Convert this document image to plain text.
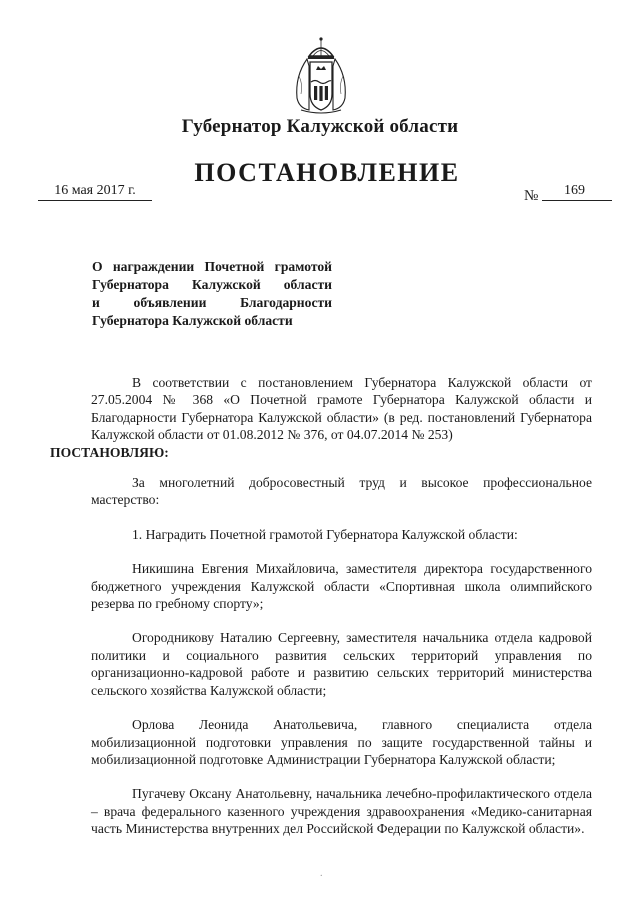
Губернатор Калужской области
ПОСТАНОВЛЕНИЕ
16 мая 2017 г.	№	169
О награждении Почетной грамотой
Губернатора Калужской области
и объявлении Благодарности
Губернатора Калужской области

В соответствии с постановлением Губернатора Калужской области от 27.05.2004 № 368 «О Почетной грамоте Губернатора Калужской области и Благодарности Губернатора Калужской области» (в ред. постановлений Губернатора Калужской области от 01.08.2012 № 376, от 04.07.2014 № 253)
ПОСТАНОВЛЯЮ:

За многолетний добросовестный труд и высокое профессиональное мастерство:

1. Наградить Почетной грамотой Губернатора Калужской области:

Никишина Евгения Михайловича, заместителя директора государственного бюджетного учреждения Калужской области «Спортивная школа олимпийского резерва по гребному спорту»;

Огородникову Наталию Сергеевну, заместителя начальника отдела кадровой политики и социального развития сельских территорий управления по организационно-кадровой работе и развитию сельских территорий министерства сельского хозяйства Калужской области;

Орлова Леонида Анатольевича, главного специалиста отдела мобилизационной подготовки управления по защите государственной тайны и мобилизационной подготовке Администрации Губернатора Калужской области;

Пугачеву Оксану Анатольевну, начальника лечебно-профилактического отдела – врача федерального казенного учреждения здравоохранения «Медико-санитарная часть Министерства внутренних дел Российской Федерации по Калужской области».

.
